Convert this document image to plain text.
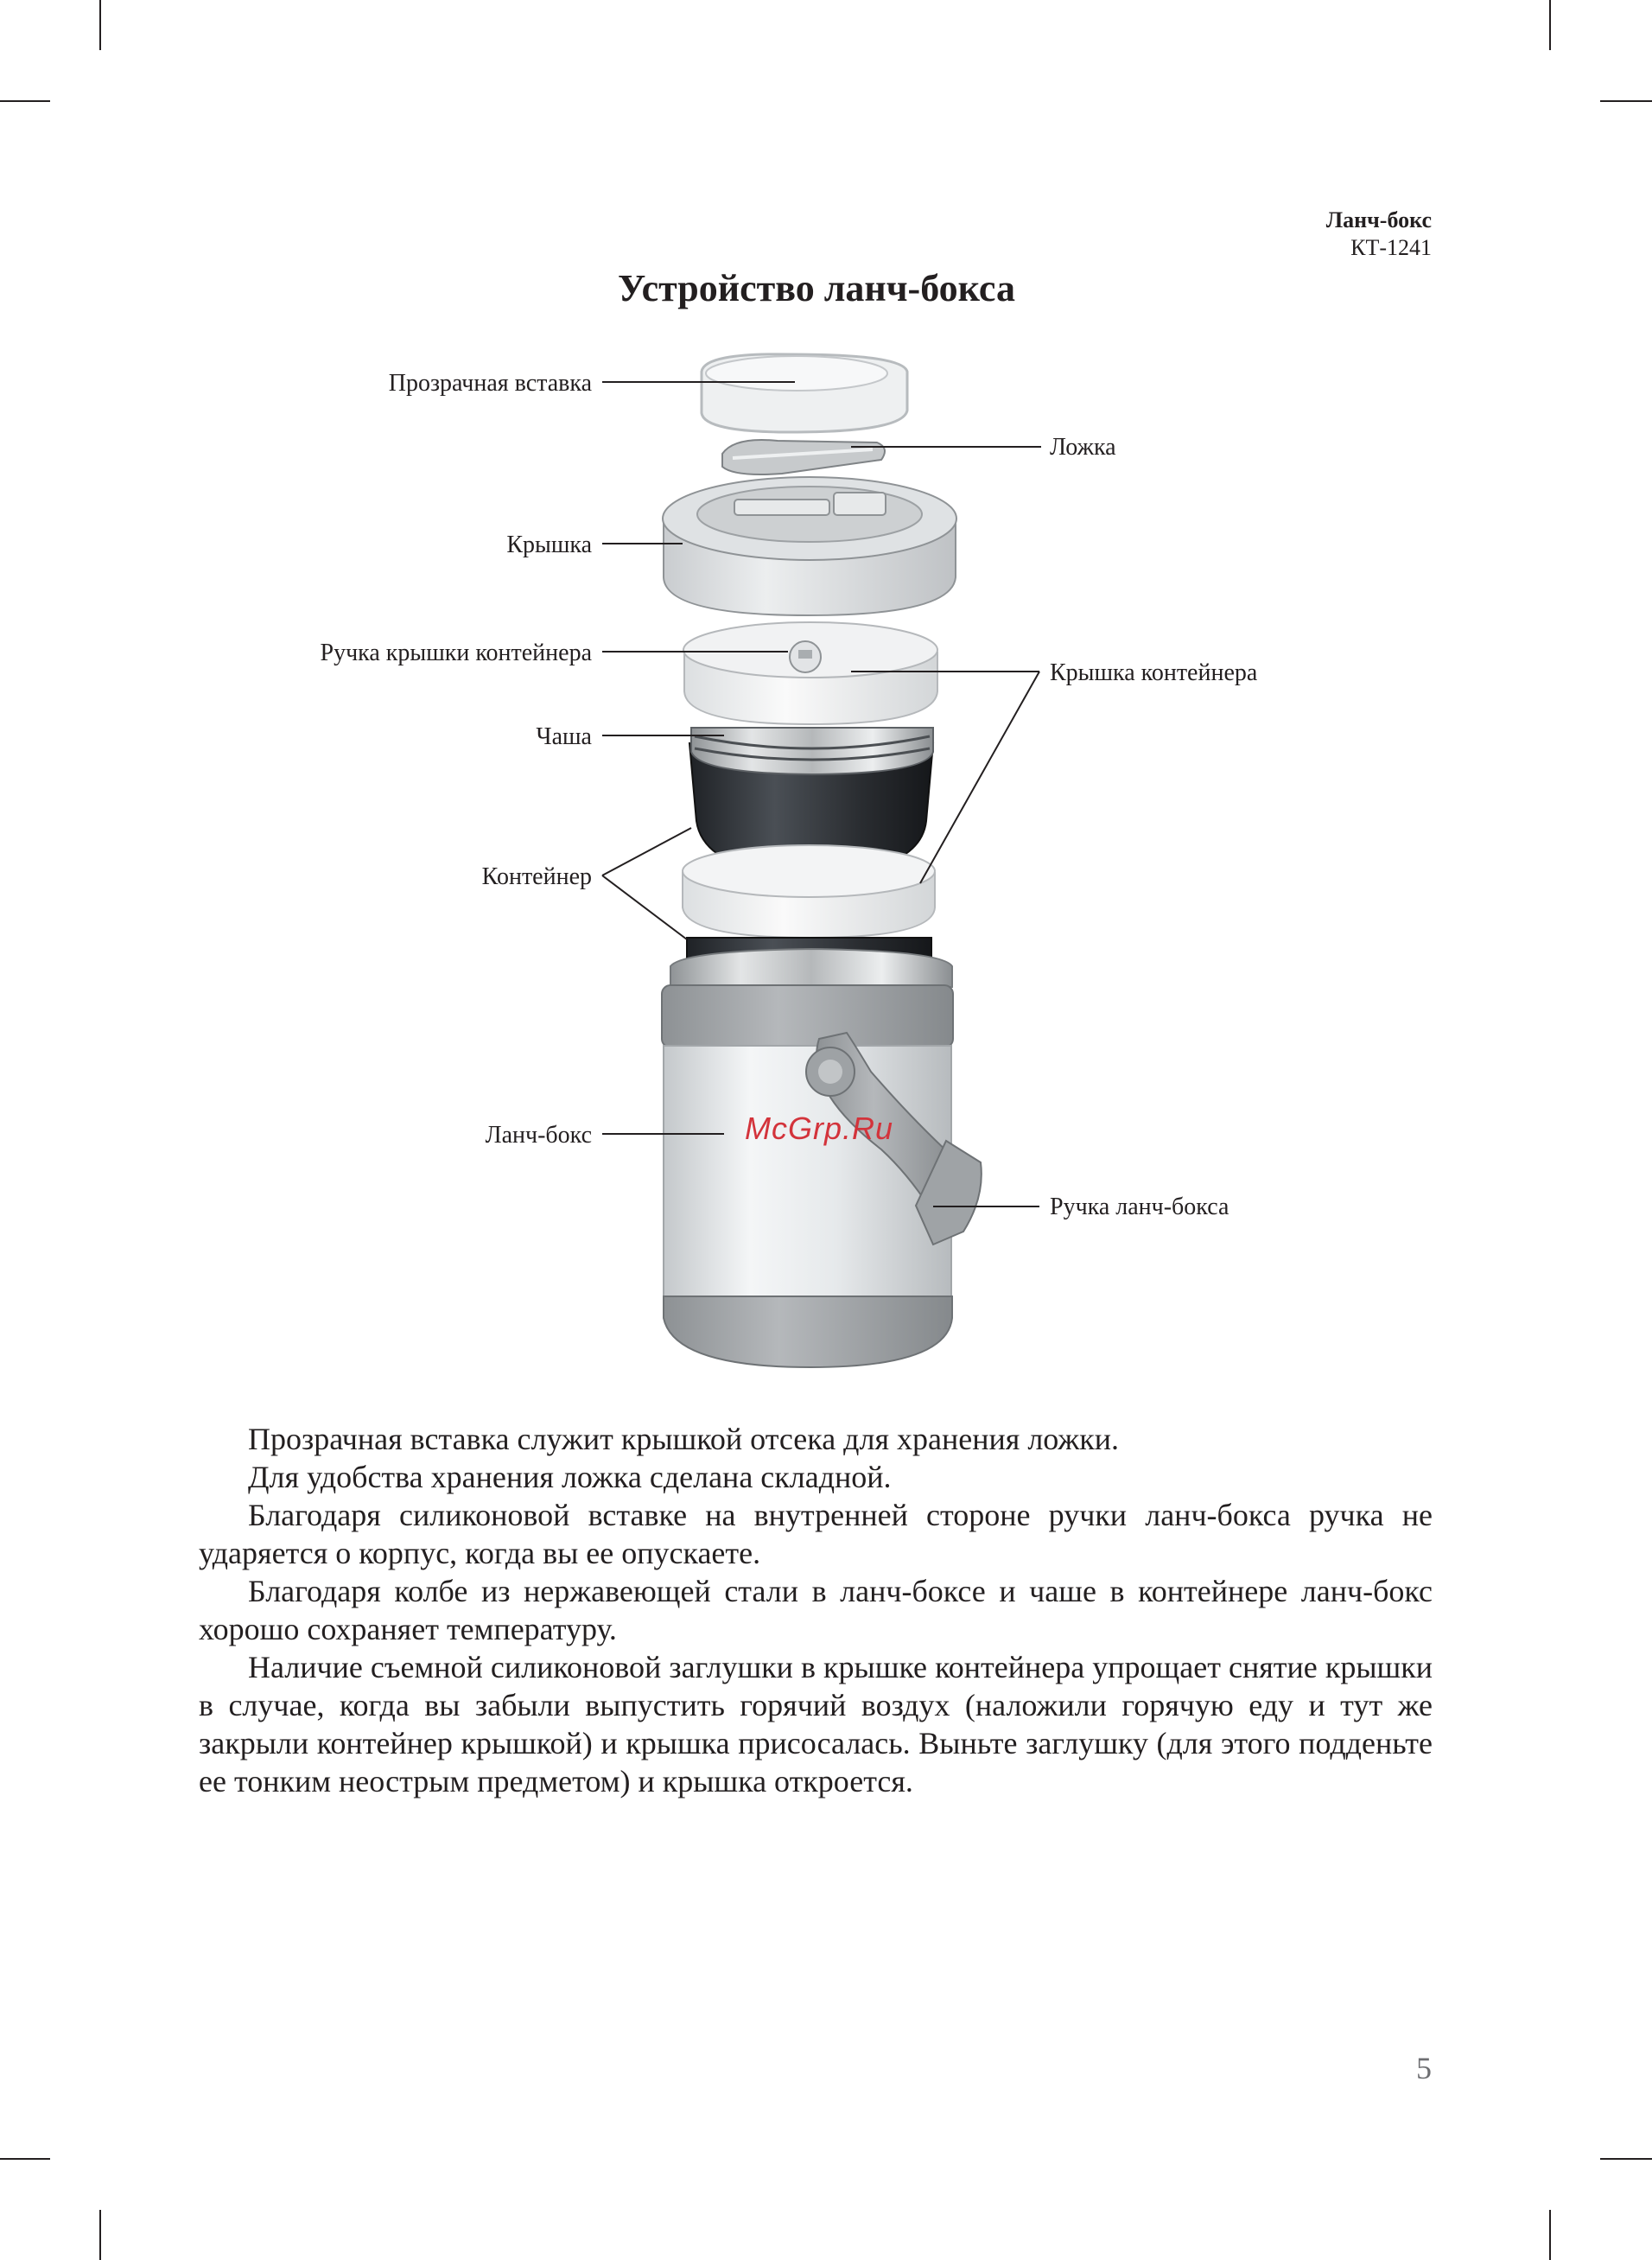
Ланч-бокс
КТ-1241
Устройство ланч-бокса
Прозрачная вставка
Ложка
Крышка
Ручка крышки контейнера
Крышка контейнера
Чаша
Контейнер
Ланч-бокс
Ручка ланч-бокса
McGrp.Ru

Прозрачная вставка служит крышкой отсека для хранения ложки.

Для удобства хранения ложка сделана складной.

Благодаря силиконовой вставке на внутренней стороне ручки ланч-бокса ручка не ударяется о корпус, когда вы ее опускаете.

Благодаря колбе из нержавеющей стали в ланч-боксе и чаше в контейнере ланч-бокс хорошо сохраняет температуру.

Наличие съемной силиконовой заглушки в крышке контейнера упрощает снятие крышки в случае, когда вы забыли выпустить горячий воздух (наложили горячую еду и тут же закрыли контейнер крышкой) и крышка присосалась. Выньте заглушку (для этого подденьте ее тонким неострым предметом) и крышка откроется.

5
